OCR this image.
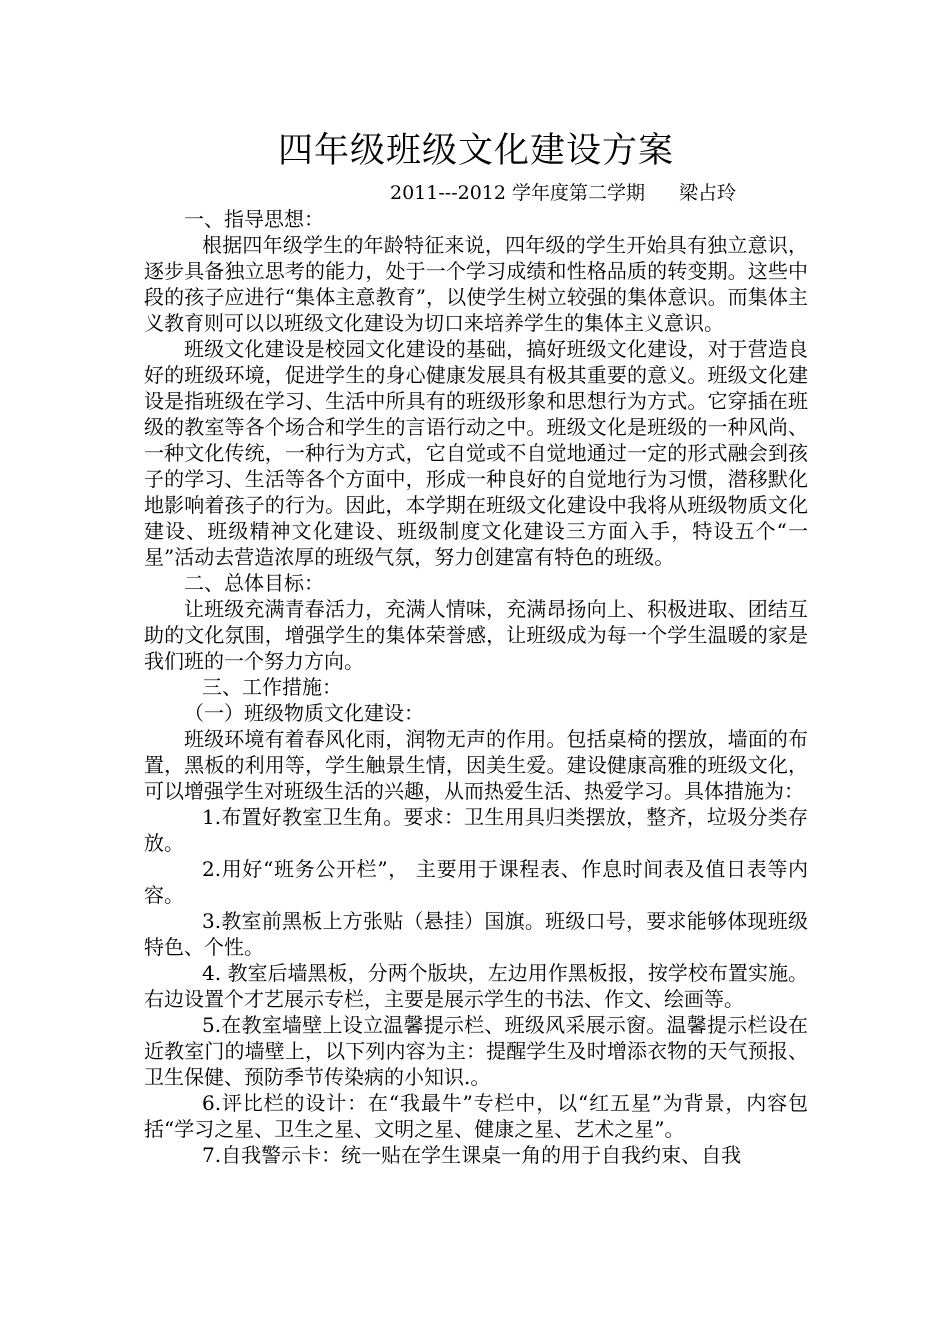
四年级班级文化建设方案
2011---2012 学年度第二学期 梁占玲

一、指导思想：

根据四年级学生的年龄特征来说，四年级的学生开始具有独立意识，逐步具备独立思考的能力，处于一个学习成绩和性格品质的转变期。这些中段的孩子应进行“集体主意教育”，以使学生树立较强的集体意识。而集体主义教育则可以以班级文化建设为切口来培养学生的集体主义意识。

班级文化建设是校园文化建设的基础，搞好班级文化建设，对于营造良好的班级环境，促进学生的身心健康发展具有极其重要的意义。班级文化建设是指班级在学习、生活中所具有的班级形象和思想行为方式。它穿插在班级的教室等各个场合和学生的言语行动之中。班级文化是班级的一种风尚、一种文化传统，一种行为方式，它自觉或不自觉地通过一定的形式融会到孩子的学习、生活等各个方面中，形成一种良好的自觉地行为习惯，潜移默化地影响着孩子的行为。因此，本学期在班级文化建设中我将从班级物质文化建设、班级精神文化建设、班级制度文化建设三方面入手，特设五个“一星”活动去营造浓厚的班级气氛，努力创建富有特色的班级。

二、总体目标：

让班级充满青春活力，充满人情味，充满昂扬向上、积极进取、团结互助的文化氛围，增强学生的集体荣誉感，让班级成为每一个学生温暖的家是我们班的一个努力方向。

三、工作措施：

（一）班级物质文化建设：

班级环境有着春风化雨，润物无声的作用。包括桌椅的摆放，墙面的布置，黑板的利用等，学生触景生情，因美生爱。建设健康高雅的班级文化，可以增强学生对班级生活的兴趣，从而热爱生活、热爱学习。具体措施为：

1.布置好教室卫生角。要求：卫生用具归类摆放，整齐，垃圾分类存放。

2.用好“班务公开栏”， 主要用于课程表、作息时间表及值日表等内容。

3.教室前黑板上方张贴（悬挂）国旗。班级口号，要求能够体现班级特色、个性。

4. 教室后墙黑板，分两个版块，左边用作黑板报，按学校布置实施。右边设置个才艺展示专栏，主要是展示学生的书法、作文、绘画等。

5.在教室墙壁上设立温馨提示栏、班级风采展示窗。温馨提示栏设在近教室门的墙壁上，以下列内容为主：提醒学生及时增添衣物的天气预报、卫生保健、预防季节传染病的小知识.。

6.评比栏的设计：在“我最牛”专栏中，以“红五星”为背景，内容包括“学习之星、卫生之星、文明之星、健康之星、艺术之星”。

7.自我警示卡：统一贴在学生课桌一角的用于自我约束、自我
